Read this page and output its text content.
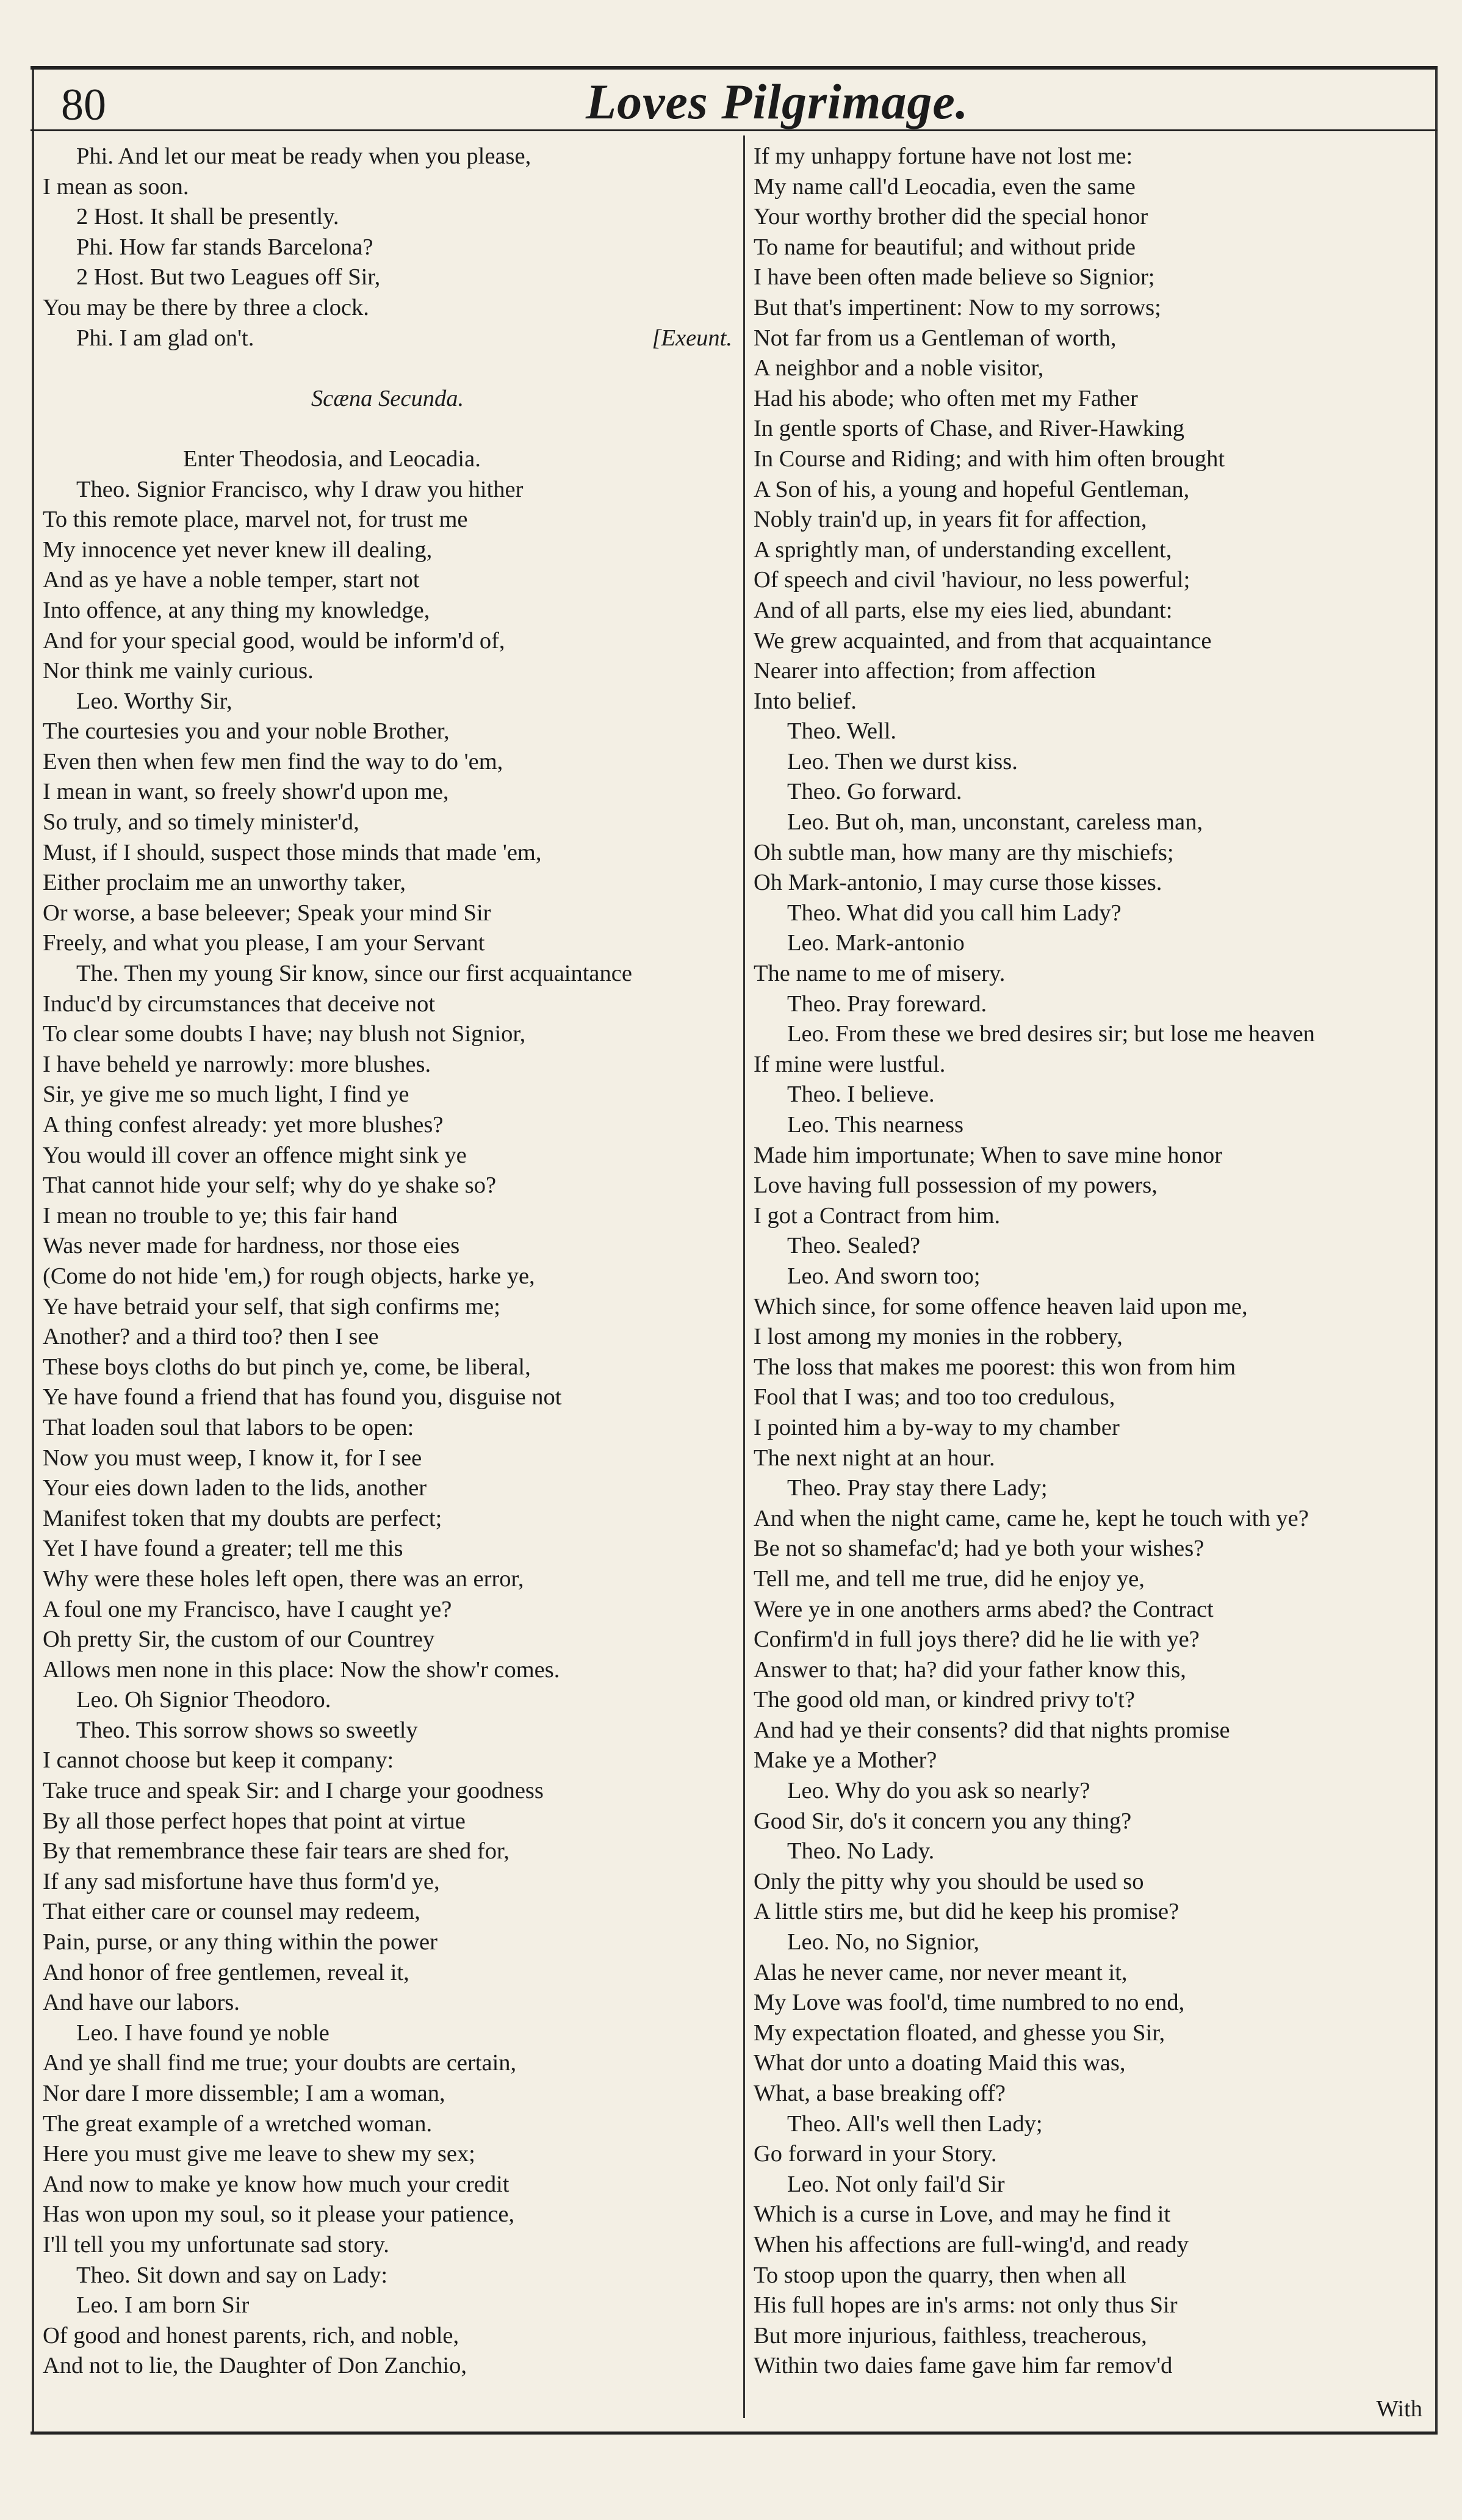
80	Loves Pilgrimage.
Phi. And let our meat be ready when you please,
I mean as soon.
2 Host. It shall be presently.
Phi. How far stands Barcelona?
2 Host. But two Leagues off Sir,
You may be there by three a clock.
Phi. I am glad on't.	[Exeunt.
Scæna Secunda.
Enter Theodosia, and Leocadia.
Theo. Signior Francisco, why I draw you hither
To this remote place, marvel not, for trust me
My innocence yet never knew ill dealing,
And as ye have a noble temper, start not
Into offence, at any thing my knowledge,
And for your special good, would be inform'd of,
Nor think me vainly curious.
Leo. Worthy Sir,
The courtesies you and your noble Brother,
Even then when few men find the way to do 'em,
I mean in want, so freely showr'd upon me,
So truly, and so timely minister'd,
Must, if I should, suspect those minds that made 'em,
Either proclaim me an unworthy taker,
Or worse, a base beleever; Speak your mind Sir
Freely, and what you please, I am your Servant
The. Then my young Sir know, since our first acquaintance
Induc'd by circumstances that deceive not
To clear some doubts I have; nay blush not Signior,
I have beheld ye narrowly: more blushes.
Sir, ye give me so much light, I find ye
A thing confest already: yet more blushes?
You would ill cover an offence might sink ye
That cannot hide your self; why do ye shake so?
I mean no trouble to ye; this fair hand
Was never made for hardness, nor those eies
(Come do not hide 'em,) for rough objects, harke ye,
Ye have betraid your self, that sigh confirms me;
Another? and a third too? then I see
These boys cloths do but pinch ye, come, be liberal,
Ye have found a friend that has found you, disguise not
That loaden soul that labors to be open:
Now you must weep, I know it, for I see
Your eies down laden to the lids, another
Manifest token that my doubts are perfect;
Yet I have found a greater; tell me this
Why were these holes left open, there was an error,
A foul one my Francisco, have I caught ye?
Oh pretty Sir, the custom of our Countrey
Allows men none in this place: Now the show'r comes.
Leo. Oh Signior Theodoro.
Theo. This sorrow shows so sweetly
I cannot choose but keep it company:
Take truce and speak Sir: and I charge your goodness
By all those perfect hopes that point at virtue
By that remembrance these fair tears are shed for,
If any sad misfortune have thus form'd ye,
That either care or counsel may redeem,
Pain, purse, or any thing within the power
And honor of free gentlemen, reveal it,
And have our labors.
Leo. I have found ye noble
And ye shall find me true; your doubts are certain,
Nor dare I more dissemble; I am a woman,
The great example of a wretched woman.
Here you must give me leave to shew my sex;
And now to make ye know how much your credit
Has won upon my soul, so it please your patience,
I'll tell you my unfortunate sad story.
Theo. Sit down and say on Lady:
Leo. I am born Sir
Of good and honest parents, rich, and noble,
And not to lie, the Daughter of Don Zanchio,
If my unhappy fortune have not lost me:
My name call'd Leocadia, even the same
Your worthy brother did the special honor
To name for beautiful; and without pride
I have been often made believe so Signior;
But that's impertinent: Now to my sorrows;
Not far from us a Gentleman of worth,
A neighbor and a noble visitor,
Had his abode; who often met my Father
In gentle sports of Chase, and River-Hawking
In Course and Riding; and with him often brought
A Son of his, a young and hopeful Gentleman,
Nobly train'd up, in years fit for affection,
A sprightly man, of understanding excellent,
Of speech and civil 'haviour, no less powerful;
And of all parts, else my eies lied, abundant:
We grew acquainted, and from that acquaintance
Nearer into affection; from affection
Into belief.
Theo. Well.
Leo. Then we durst kiss.
Theo. Go forward.
Leo. But oh, man, unconstant, careless man,
Oh subtle man, how many are thy mischiefs;
Oh Mark-antonio, I may curse those kisses.
Theo. What did you call him Lady?
Leo. Mark-antonio
The name to me of misery.
Theo. Pray foreward.
Leo. From these we bred desires sir; but lose me heaven
If mine were lustful.
Theo. I believe.
Leo. This nearness
Made him importunate; When to save mine honor
Love having full possession of my powers,
I got a Contract from him.
Theo. Sealed?
Leo. And sworn too;
Which since, for some offence heaven laid upon me,
I lost among my monies in the robbery,
The loss that makes me poorest: this won from him
Fool that I was; and too too credulous,
I pointed him a by-way to my chamber
The next night at an hour.
Theo. Pray stay there Lady;
And when the night came, came he, kept he touch with ye?
Be not so shamefac'd; had ye both your wishes?
Tell me, and tell me true, did he enjoy ye,
Were ye in one anothers arms abed? the Contract
Confirm'd in full joys there? did he lie with ye?
Answer to that; ha? did your father know this,
The good old man, or kindred privy to't?
And had ye their consents? did that nights promise
Make ye a Mother?
Leo. Why do you ask so nearly?
Good Sir, do's it concern you any thing?
Theo. No Lady.
Only the pitty why you should be used so
A little stirs me, but did he keep his promise?
Leo. No, no Signior,
Alas he never came, nor never meant it,
My Love was fool'd, time numbred to no end,
My expectation floated, and ghesse you Sir,
What dor unto a doating Maid this was,
What, a base breaking off?
Theo. All's well then Lady;
Go forward in your Story.
Leo. Not only fail'd Sir
Which is a curse in Love, and may he find it
When his affections are full-wing'd, and ready
To stoop upon the quarry, then when all
His full hopes are in's arms: not only thus Sir
But more injurious, faithless, treacherous,
Within two daies fame gave him far remov'd
With
